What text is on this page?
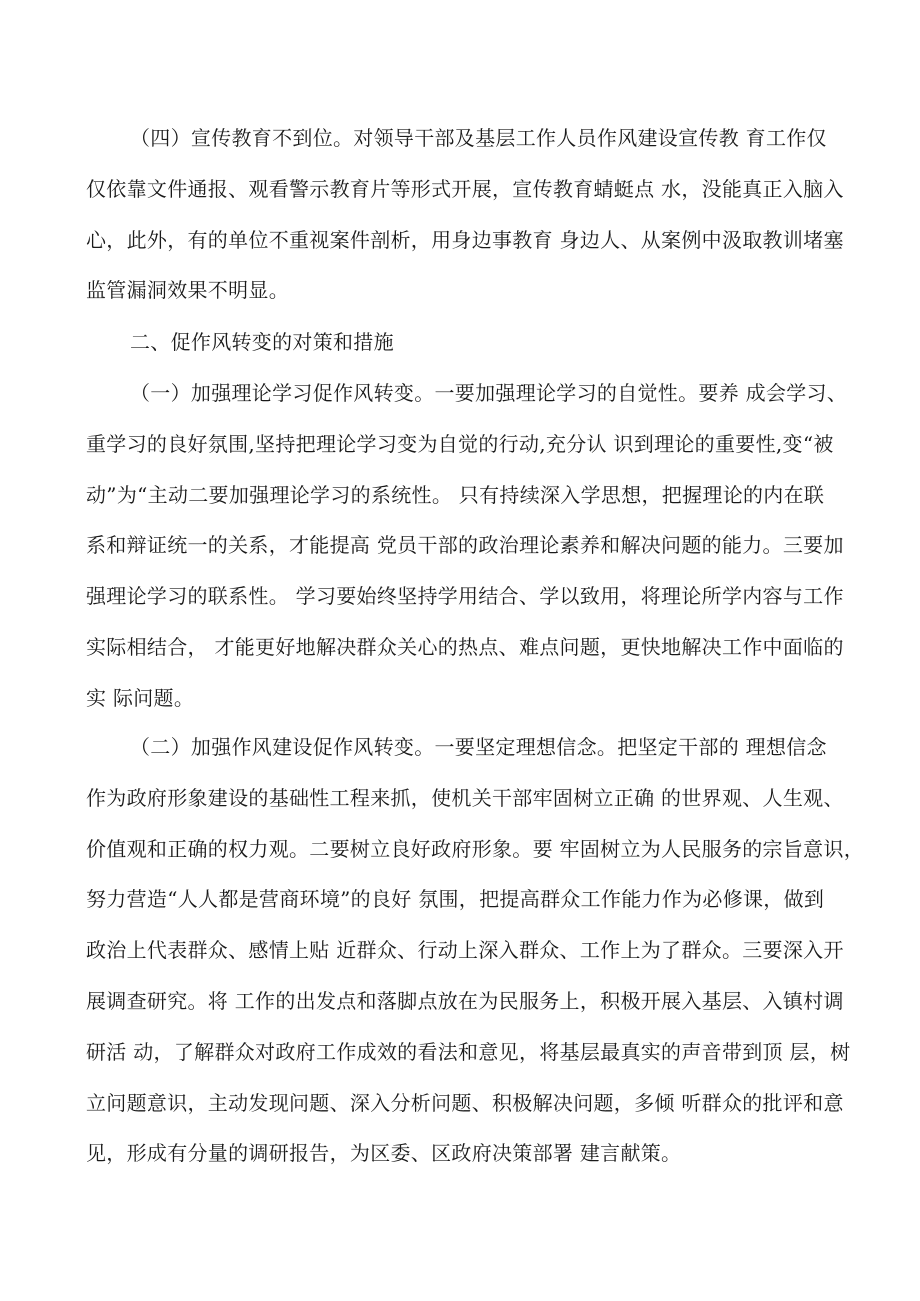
（四）宣传教育不到位。对领导干部及基层工作人员作风建设宣传教 育工作仅
仅依靠文件通报、观看警示教育片等形式开展，宣传教育蜻蜓点 水，没能真正入脑入
心，此外，有的单位不重视案件剖析，用身边事教育 身边人、从案例中汲取教训堵塞
监管漏洞效果不明显。
二、促作风转变的对策和措施
（一）加强理论学习促作风转变。一要加强理论学习的自觉性。要养 成会学习、
重学习的良好氛围,坚持把理论学习变为自觉的行动,充分认 识到理论的重要性,变“被
动”为“主动二要加强理论学习的系统性。 只有持续深入学思想，把握理论的内在联
系和辩证统一的关系，才能提高 党员干部的政治理论素养和解决问题的能力。三要加
强理论学习的联系性。 学习要始终坚持学用结合、学以致用，将理论所学内容与工作
实际相结合， 才能更好地解决群众关心的热点、难点问题，更快地解决工作中面临的
实 际问题。
（二）加强作风建设促作风转变。一要坚定理想信念。把坚定干部的 理想信念
作为政府形象建设的基础性工程来抓，使机关干部牢固树立正确 的世界观、人生观、
价值观和正确的权力观。二要树立良好政府形象。要 牢固树立为人民服务的宗旨意识，
努力营造“人人都是营商环境”的良好 氛围，把提高群众工作能力作为必修课，做到
政治上代表群众、感情上贴 近群众、行动上深入群众、工作上为了群众。三要深入开
展调查研究。将 工作的出发点和落脚点放在为民服务上，积极开展入基层、入镇村调
研活 动，了解群众对政府工作成效的看法和意见，将基层最真实的声音带到顶 层，树
立问题意识，主动发现问题、深入分析问题、积极解决问题，多倾 听群众的批评和意
见，形成有分量的调研报告，为区委、区政府决策部署 建言献策。
